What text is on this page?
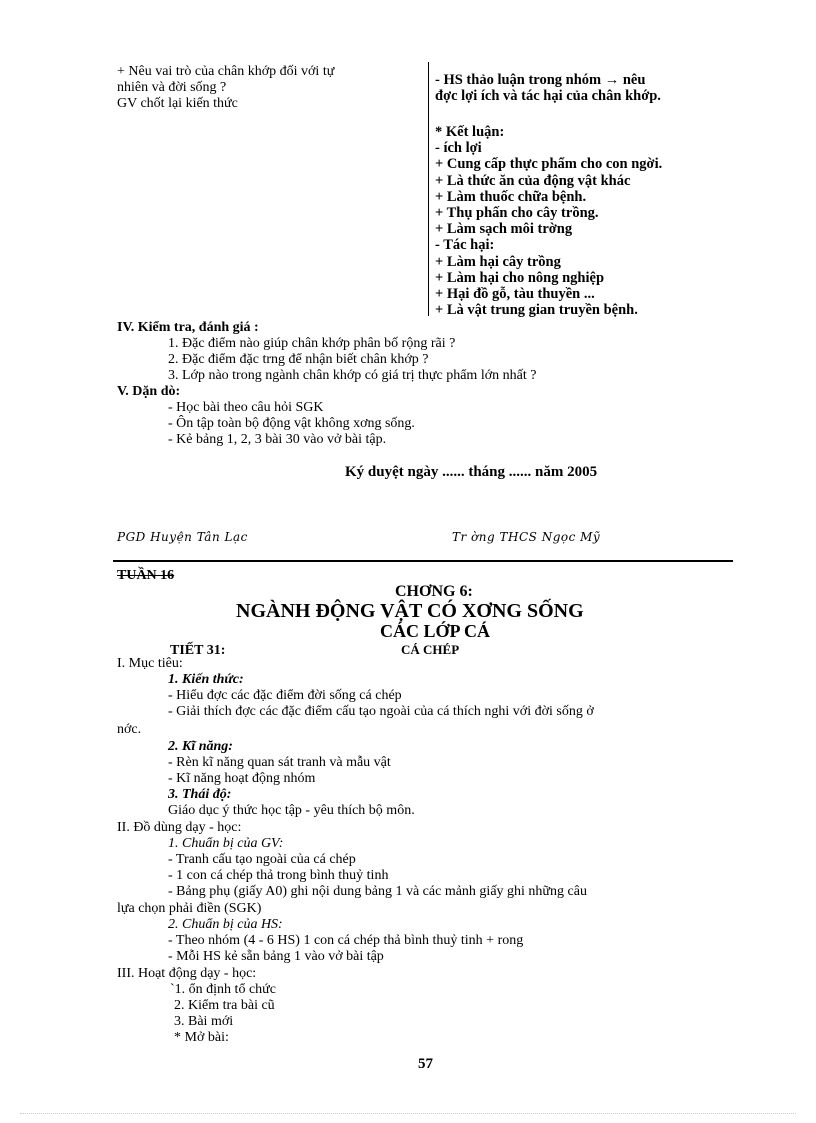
+ Nêu vai trò của chân khớp đối với tự
nhiên và đời sống ?
GV chốt lại kiến thức
- HS thảo luận trong nhóm → nêu
đợc lợi ích và tác hại của chân khớp.
* Kết luận:
- ích lợi
+ Cung cấp thực phẩm cho con ngời.
+ Là thức ăn của động vật khác
+ Làm thuốc chữa bệnh.
+ Thụ phấn cho cây trồng.
+ Làm sạch môi trờng
- Tác hại:
+ Làm hại cây trồng
+ Làm hại cho nông nghiệp
+ Hại đồ gỗ, tàu thuyền ...
+ Là vật trung gian truyền bệnh.
IV. Kiểm tra, đánh giá :
1. Đặc điểm nào giúp chân khớp phân bố rộng rãi ?
2. Đặc điểm đặc trng để nhận biết chân khớp ?
3. Lớp nào trong ngành chân khớp có giá trị thực phẩm lớn nhất ?
V. Dặn dò:
- Học bài theo câu hỏi SGK
- Ôn tập toàn bộ động vật không xơng sống.
- Kẻ bảng 1, 2, 3 bài 30 vào vở bài tập.
Ký duyệt ngày ...... tháng ...... năm 2005
PGD Huyện Tân Lạc	Tr ờng THCS Ngọc Mỹ
TUẦN 16
CHƠNG 6:
NGÀNH ĐỘNG VẬT CÓ XƠNG SỐNG
CÁC LỚP CÁ
CÁ CHÉP
TIẾT 31:
I. Mục tiêu:
1. Kiến thức:
- Hiểu đợc các đặc điểm đời sống cá chép
- Giải thích đợc các đặc điểm cấu tạo ngoài của cá thích nghi với đời sống ở
nớc.
2. Kĩ năng:
- Rèn kĩ năng quan sát tranh và mẫu vật
- Kĩ năng hoạt động nhóm
3. Thái độ:
Giáo dục ý thức học tập - yêu thích bộ môn.
II. Đồ dùng dạy - học:
1. Chuẩn bị của GV:
- Tranh cấu tạo ngoài của cá chép
- 1 con cá chép thả trong bình thuỷ tinh
- Bảng phụ (giấy A0) ghi nội dung bảng 1 và các mảnh giấy ghi những câu
lựa chọn phải điền (SGK)
2. Chuẩn bị của HS:
- Theo nhóm (4 - 6 HS) 1 con cá chép thả bình thuỷ tinh + rong
- Mỗi HS kẻ sẵn bảng 1 vào vở bài tập
III. Hoạt động dạy - học:
`1. ổn định tổ chức
2. Kiểm tra bài cũ
3. Bài mới
* Mở bài:
57
